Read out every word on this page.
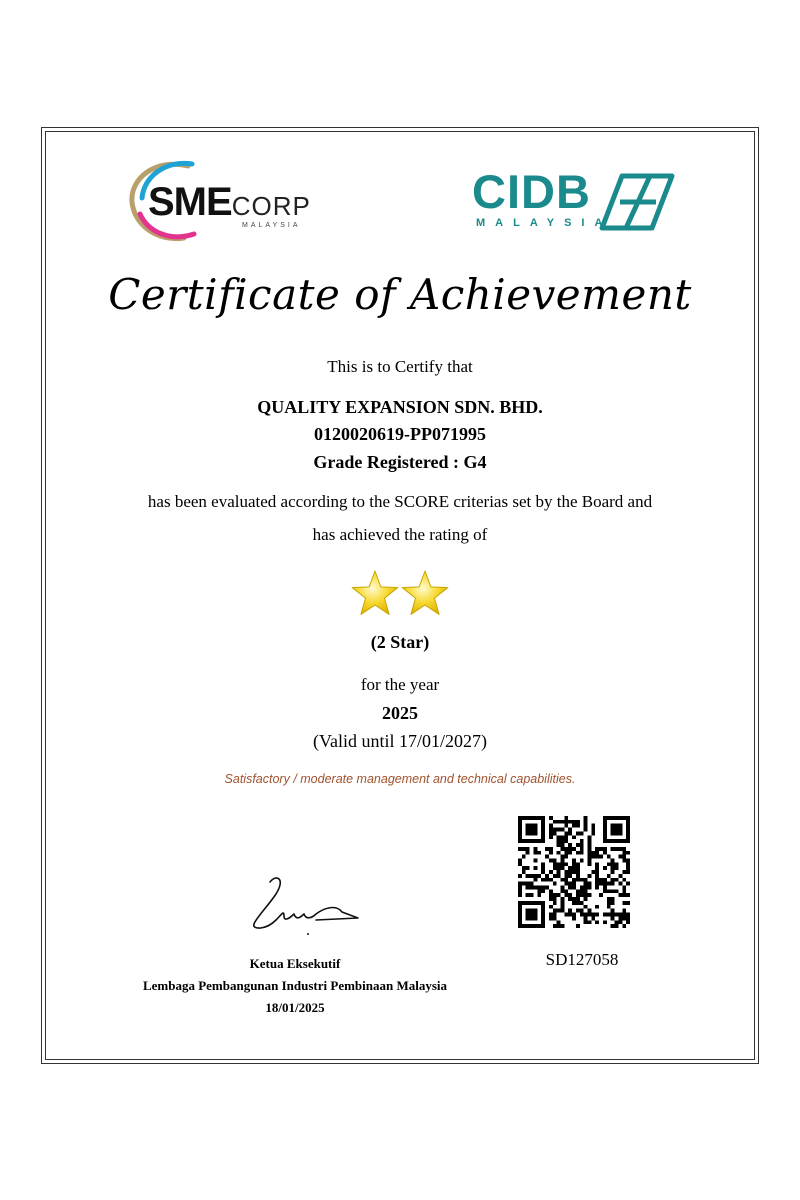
SMECORP
MALAYSIA
CIDB
MALAYSIA
Certificate of Achievement
This is to Certify that
QUALITY EXPANSION SDN. BHD.
0120020619-PP071995
Grade Registered : G4
has been evaluated according to the SCORE criterias set by the Board and
has achieved the rating of
(2 Star)
for the year
2025
(Valid until 17/01/2027)
Satisfactory / moderate management and technical capabilities.
Ketua Eksekutif
Lembaga Pembangunan Industri Pembinaan Malaysia
18/01/2025
SD127058
